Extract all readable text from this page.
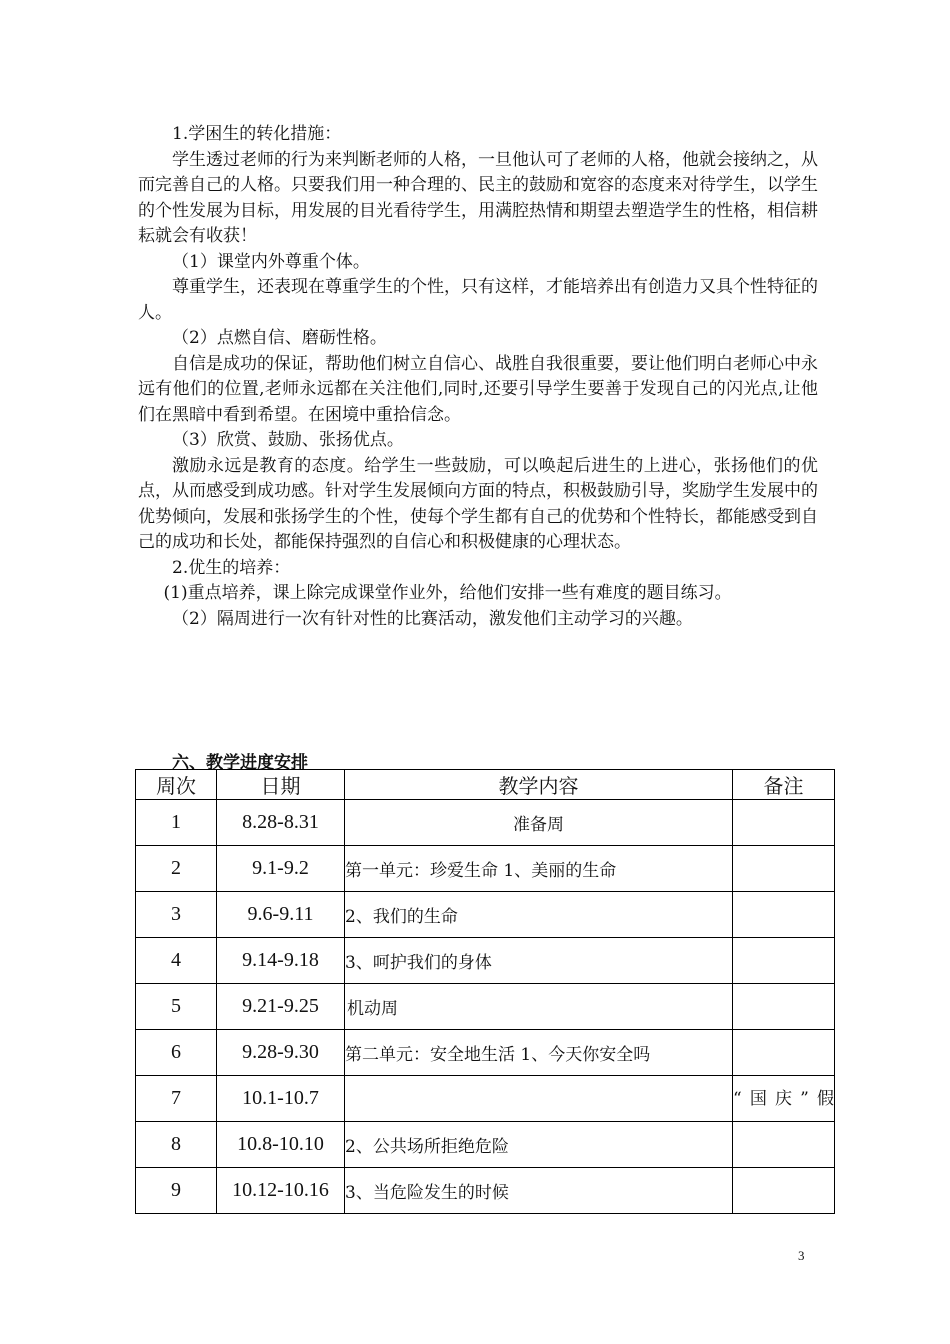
1.学困生的转化措施：

学生透过老师的行为来判断老师的人格，一旦他认可了老师的人格，他就会接纳之，从而完善自己的人格。只要我们用一种合理的、民主的鼓励和宽容的态度来对待学生，以学生的个性发展为目标，用发展的目光看待学生，用满腔热情和期望去塑造学生的性格，相信耕耘就会有收获！

（1）课堂内外尊重个体。

尊重学生，还表现在尊重学生的个性，只有这样，才能培养出有创造力又具个性特征的人。

（2）点燃自信、磨砺性格。

自信是成功的保证，帮助他们树立自信心、战胜自我很重要，要让他们明白老师心中永远有他们的位置,老师永远都在关注他们,同时,还要引导学生要善于发现自己的闪光点,让他们在黑暗中看到希望。在困境中重拾信念。

（3）欣赏、鼓励、张扬优点。

激励永远是教育的态度。给学生一些鼓励，可以唤起后进生的上进心，张扬他们的优点，从而感受到成功感。针对学生发展倾向方面的特点，积极鼓励引导，奖励学生发展中的优势倾向，发展和张扬学生的个性，使每个学生都有自己的优势和个性特长，都能感受到自己的成功和长处，都能保持强烈的自信心和积极健康的心理状态。

2.优生的培养：

(1)重点培养，课上除完成课堂作业外，给他们安排一些有难度的题目练习。

（2）隔周进行一次有针对性的比赛活动，激发他们主动学习的兴趣。

六、教学进度安排
周次	日期	教学内容	备注
1	8.28-8.31	准备周	
2	9.1-9.2	第一单元：珍爱生命 1、美丽的生命	
3	9.6-9.11	2、我们的生命	
4	9.14-9.18	3、呵护我们的身体	
5	9.21-9.25	机动周	
6	9.28-9.30	第二单元：安全地生活 1、今天你安全吗	
7	10.1-10.7		“国庆”假
8	10.8-10.10	2、公共场所拒绝危险	
9	10.12-10.16	3、当危险发生的时候	
3
